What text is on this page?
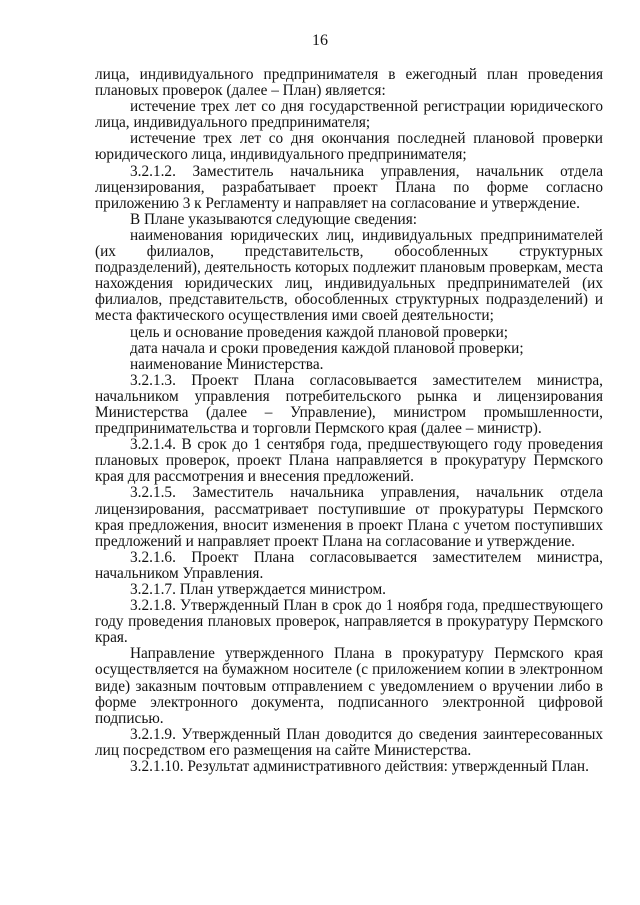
16

лица, индивидуального предпринимателя в ежегодный план проведения плановых проверок (далее – План) является:

истечение трех лет со дня государственной регистрации юридического лица, индивидуального предпринимателя;

истечение трех лет со дня окончания последней плановой проверки юридического лица, индивидуального предпринимателя;

3.2.1.2. Заместитель начальника управления, начальник отдела лицензирования, разрабатывает проект Плана по форме согласно приложению 3 к Регламенту и направляет на согласование и утверждение.

В Плане указываются следующие сведения:

наименования юридических лиц, индивидуальных предпринимателей (их филиалов, представительств, обособленных структурных подразделений), деятельность которых подлежит плановым проверкам, места нахождения юридических лиц, индивидуальных предпринимателей (их филиалов, представительств, обособленных структурных подразделений) и места фактического осуществления ими своей деятельности;

цель и основание проведения каждой плановой проверки;

дата начала и сроки проведения каждой плановой проверки;

наименование Министерства.

3.2.1.3. Проект Плана согласовывается заместителем министра, начальником управления потребительского рынка и лицензирования Министерства (далее – Управление), министром промышленности, предпринимательства и торговли Пермского края (далее – министр).

3.2.1.4. В срок до 1 сентября года, предшествующего году проведения плановых проверок, проект Плана направляется в прокуратуру Пермского края для рассмотрения и внесения предложений.

3.2.1.5. Заместитель начальника управления, начальник отдела лицензирования, рассматривает поступившие от прокуратуры Пермского края предложения, вносит изменения в проект Плана с учетом поступивших предложений и направляет проект Плана на согласование и утверждение.

3.2.1.6. Проект Плана согласовывается заместителем министра, начальником Управления.

3.2.1.7. План утверждается министром.

3.2.1.8. Утвержденный План в срок до 1 ноября года, предшествующего году проведения плановых проверок, направляется в прокуратуру Пермского края.

Направление утвержденного Плана в прокуратуру Пермского края осуществляется на бумажном носителе (с приложением копии в электронном виде) заказным почтовым отправлением с уведомлением о вручении либо в форме электронного документа, подписанного электронной цифровой подписью.

3.2.1.9. Утвержденный План доводится до сведения заинтересованных лиц посредством его размещения на сайте Министерства.

3.2.1.10. Результат административного действия: утвержденный План.
